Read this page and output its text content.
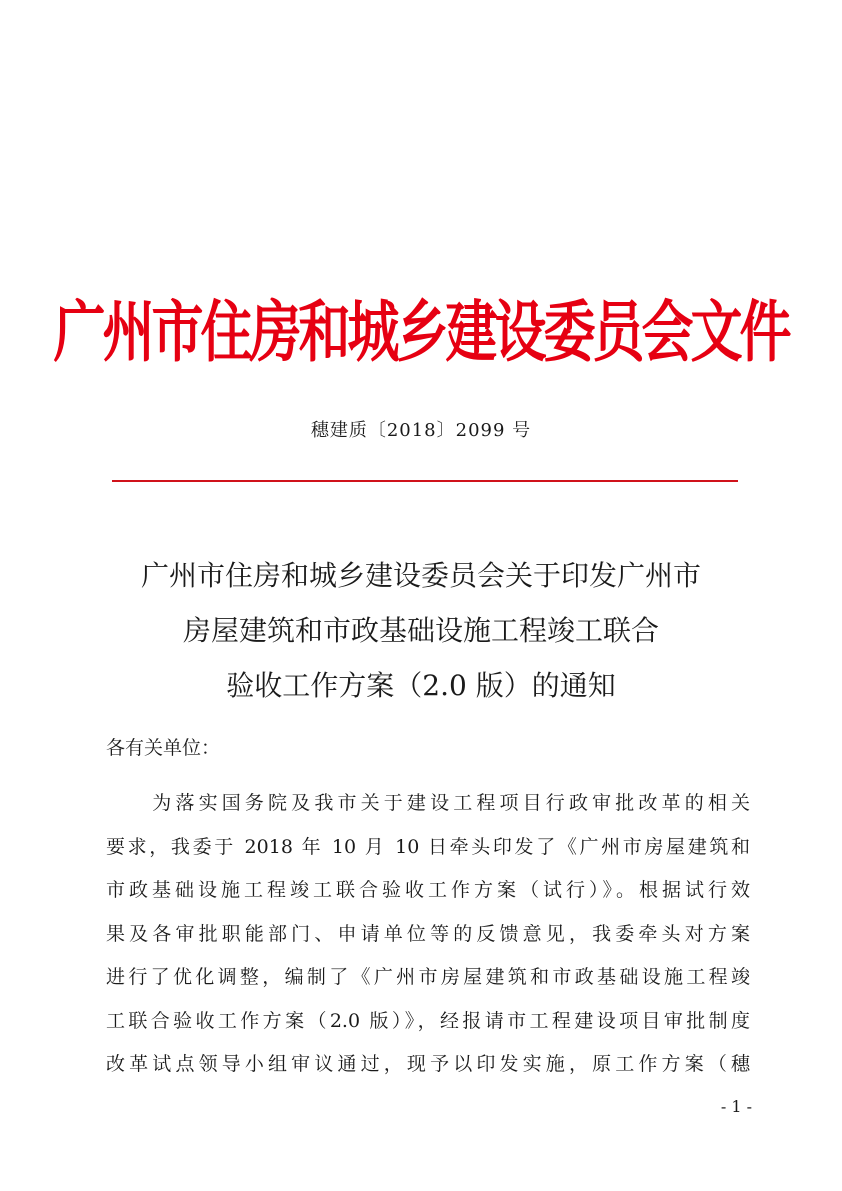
广州市住房和城乡建设委员会文件
穗建质〔2018〕2099 号
广州市住房和城乡建设委员会关于印发广州市
房屋建筑和市政基础设施工程竣工联合
验收工作方案（2.0 版）的通知
各有关单位：
　　为落实国务院及我市关于建设工程项目行政审批改革的相关
要求，我委于 2018 年 10 月 10 日牵头印发了《广州市房屋建筑和
市政基础设施工程竣工联合验收工作方案（试行）》。根据试行效
果及各审批职能部门、申请单位等的反馈意见，我委牵头对方案
进行了优化调整，编制了《广州市房屋建筑和市政基础设施工程竣
工联合验收工作方案（2.0 版）》，经报请市工程建设项目审批制度
改革试点领导小组审议通过，现予以印发实施，原工作方案（穗
- 1 -
